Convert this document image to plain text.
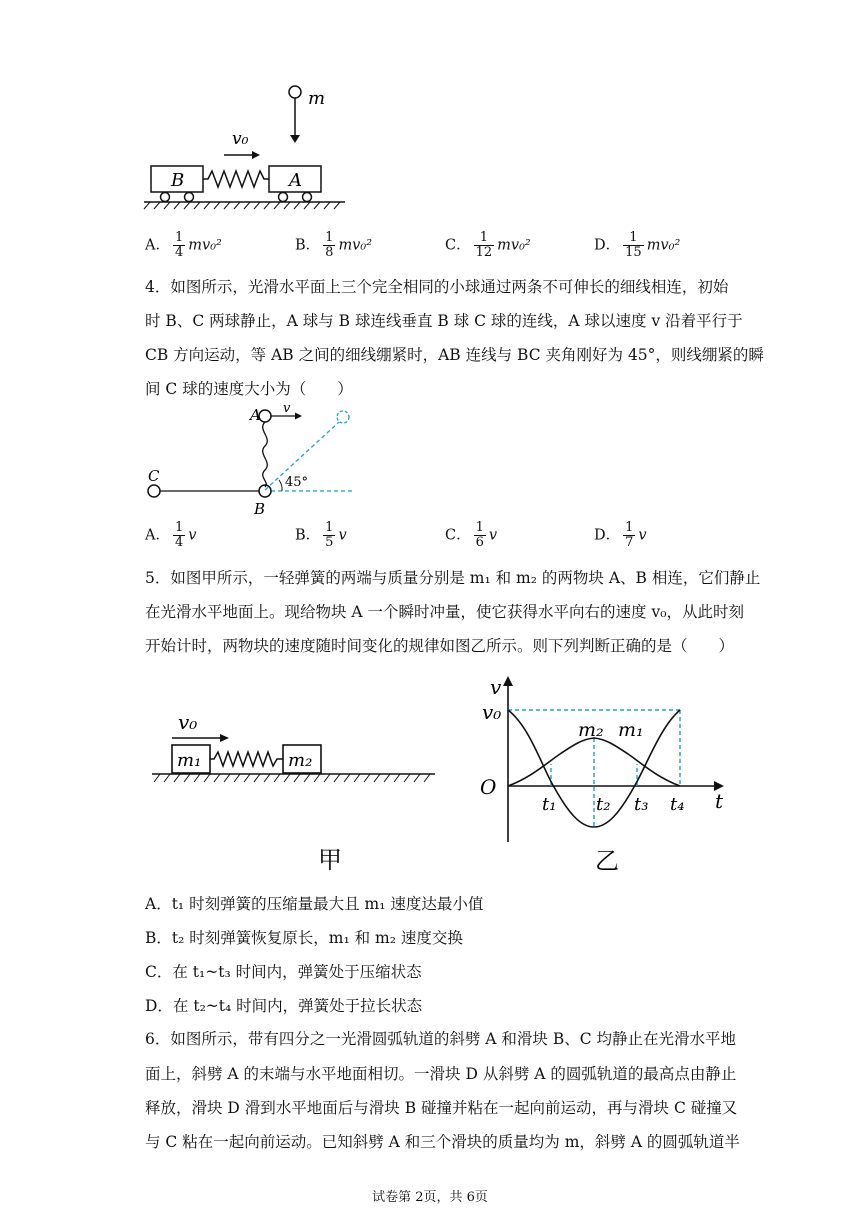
m
v₀
B	A
A． $\frac{1}{4} mv_0^2$	B． $\frac{1}{8} mv_0^2$	C． $\frac{1}{12} mv_0^2$	D． $\frac{1}{15} mv_0^2$
4．如图所示，光滑水平面上三个完全相同的小球通过两条不可伸长的细线相连，初始
时 B、C 两球静止，A 球与 B 球连线垂直 B 球 C 球的连线，A 球以速度 v 沿着平行于
CB 方向运动，等 AB 之间的细线绷紧时，AB 连线与 BC 夹角刚好为 45°，则线绷紧的瞬
间 C 球的速度大小为（　　）
A v
45°
C
B
A． $\frac{1}{4}$ v	B． $\frac{1}{5}$ v	C． $\frac{1}{6}$ v	D． $\frac{1}{7}$ v
5．如图甲所示，一轻弹簧的两端与质量分别是 m₁ 和 m₂ 的两物块 A、B 相连，它们静止
在光滑水平地面上。现给物块 A 一个瞬时冲量，使它获得水平向右的速度 v₀，从此时刻
开始计时，两物块的速度随时间变化的规律如图乙所示。则下列判断正确的是（　　）
v₀
m₁	m₂
甲
v
v₀
O
t
m₂ m₁
t₁ t₂ t₃ t₄
乙
A．t₁ 时刻弹簧的压缩量最大且 m₁ 速度达最小值
B．t₂ 时刻弹簧恢复原长，m₁ 和 m₂ 速度交换
C．在 t₁~t₃ 时间内，弹簧处于压缩状态
D．在 t₂~t₄ 时间内，弹簧处于拉长状态
6．如图所示，带有四分之一光滑圆弧轨道的斜劈 A 和滑块 B、C 均静止在光滑水平地
面上，斜劈 A 的末端与水平地面相切。一滑块 D 从斜劈 A 的圆弧轨道的最高点由静止
释放，滑块 D 滑到水平地面后与滑块 B 碰撞并粘在一起向前运动，再与滑块 C 碰撞又
与 C 粘在一起向前运动。已知斜劈 A 和三个滑块的质量均为 m，斜劈 A 的圆弧轨道半
试卷第 2页，共 6页
